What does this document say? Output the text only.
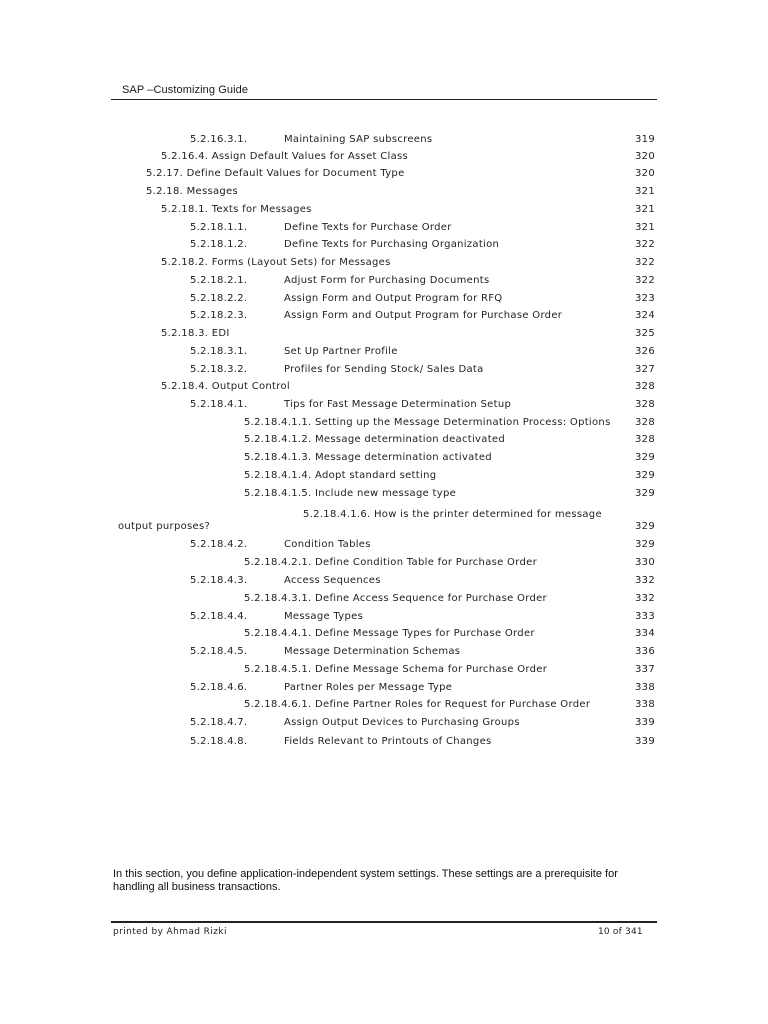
SAP –Customizing Guide
5.2.16.3.1.	Maintaining SAP subscreens	319
5.2.16.4. Assign Default Values for Asset Class	320
5.2.17. Define Default Values for Document Type	320
5.2.18. Messages	321
5.2.18.1. Texts for Messages	321
5.2.18.1.1.	Define Texts for Purchase Order	321
5.2.18.1.2.	Define Texts for Purchasing Organization	322
5.2.18.2. Forms (Layout Sets) for Messages	322
5.2.18.2.1.	Adjust Form for Purchasing Documents	322
5.2.18.2.2.	Assign Form and Output Program for RFQ	323
5.2.18.2.3.	Assign Form and Output Program for Purchase Order	324
5.2.18.3. EDI	325
5.2.18.3.1.	Set Up Partner Profile	326
5.2.18.3.2.	Profiles for Sending Stock/ Sales Data	327
5.2.18.4. Output Control	328
5.2.18.4.1.	Tips for Fast Message Determination Setup	328
5.2.18.4.1.1. Setting up the Message Determination Process: Options 328
5.2.18.4.1.2. Message determination deactivated	328
5.2.18.4.1.3. Message determination activated	329
5.2.18.4.1.4. Adopt standard setting	329
5.2.18.4.1.5. Include new message type	329
5.2.18.4.1.6. How is the printer determined for message
output purposes?	329
5.2.18.4.2.	Condition Tables	329
5.2.18.4.2.1. Define Condition Table for Purchase Order	330
5.2.18.4.3.	Access Sequences	332
5.2.18.4.3.1. Define Access Sequence for Purchase Order	332
5.2.18.4.4.	Message Types	333
5.2.18.4.4.1. Define Message Types for Purchase Order	334
5.2.18.4.5.	Message Determination Schemas	336
5.2.18.4.5.1. Define Message Schema for Purchase Order	337
5.2.18.4.6.	Partner Roles per Message Type	338
5.2.18.4.6.1. Define Partner Roles for Request for Purchase Order	338
5.2.18.4.7.	Assign Output Devices to Purchasing Groups	339
5.2.18.4.8.	Fields Relevant to Printouts of Changes	339
In this section, you define application-independent system settings. These settings are a prerequisite for handling all business transactions.
printed by Ahmad Rizki	10 of 341
